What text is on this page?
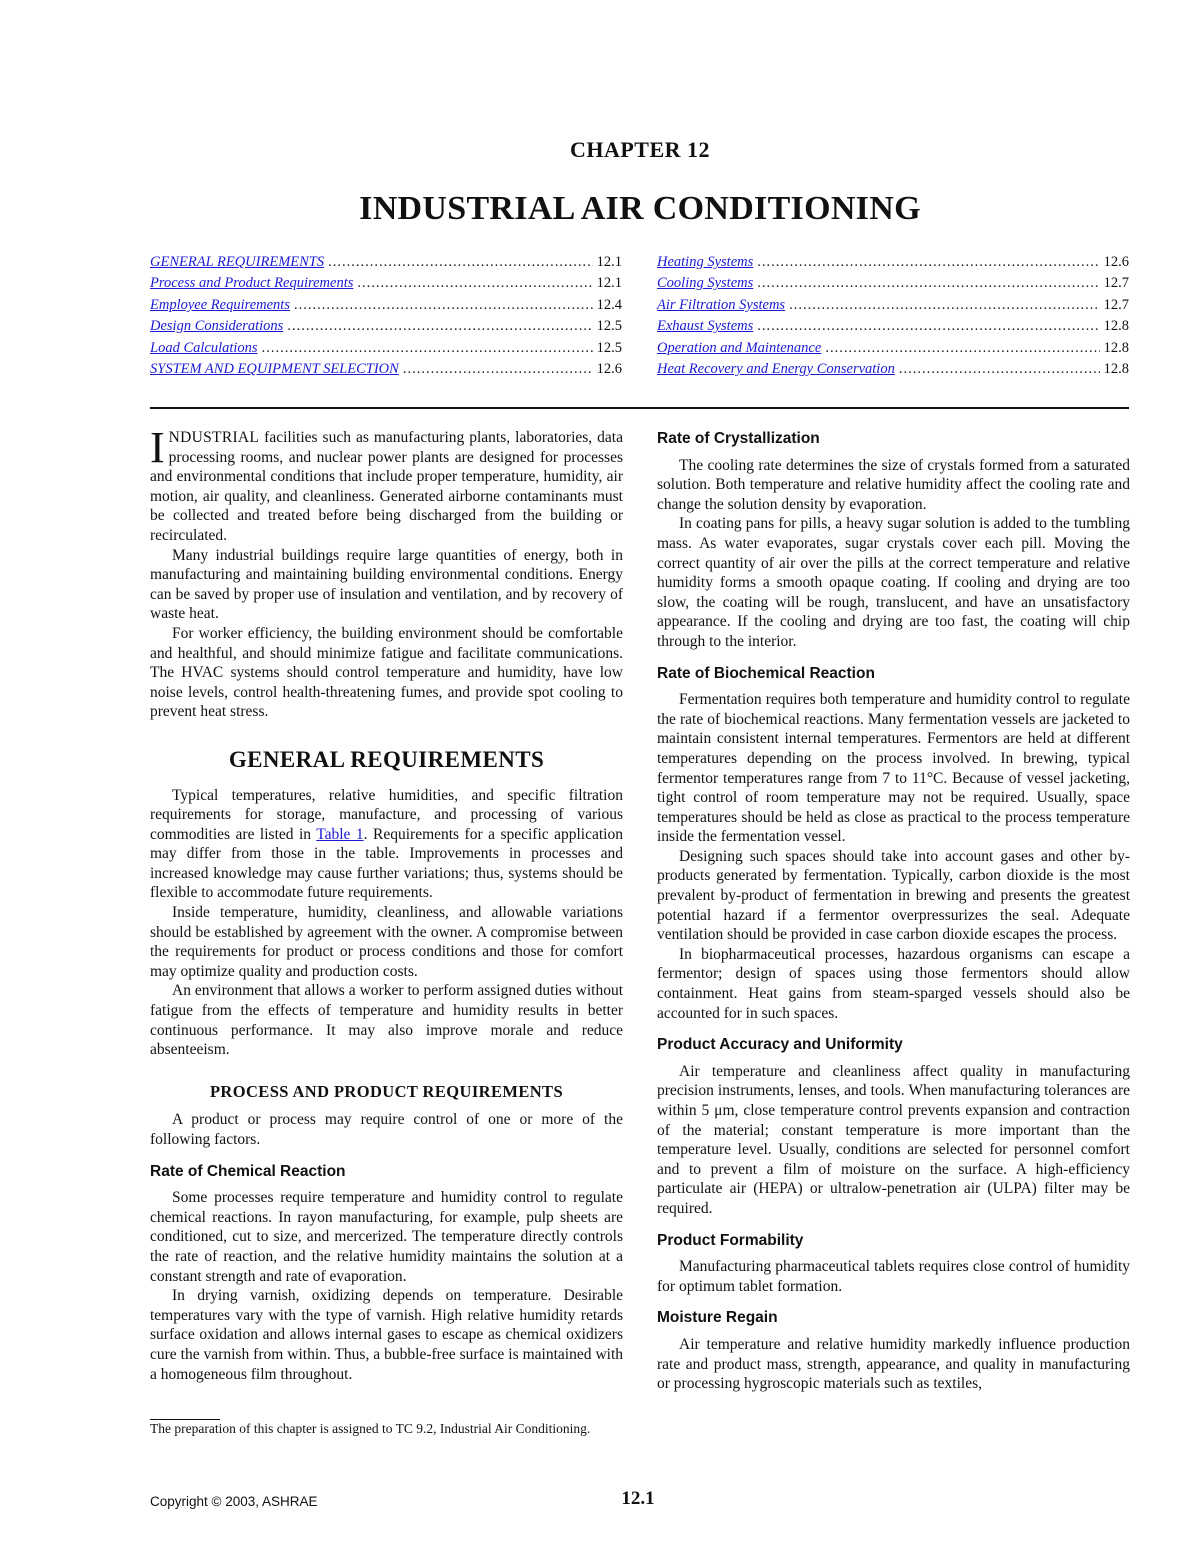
CHAPTER 12
INDUSTRIAL AIR CONDITIONING
GENERAL REQUIREMENTS .....	12.1
Process and Product Requirements .....	12.1
Employee Requirements .....	12.4
Design Considerations .....	12.5
Load Calculations .....	12.5
SYSTEM AND EQUIPMENT SELECTION .....	12.6
Heating Systems .....	12.6
Cooling Systems .....	12.7
Air Filtration Systems .....	12.7
Exhaust Systems .....	12.8
Operation and Maintenance .....	12.8
Heat Recovery and Energy Conservation .....	12.8

INDUSTRIAL facilities such as manufacturing plants, laboratories, data processing rooms, and nuclear power plants are designed for processes and environmental conditions that include proper temperature, humidity, air motion, air quality, and cleanliness. Generated airborne contaminants must be collected and treated before being discharged from the building or recirculated.

Many industrial buildings require large quantities of energy, both in manufacturing and maintaining building environmental conditions. Energy can be saved by proper use of insulation and ventilation, and by recovery of waste heat.

For worker efficiency, the building environment should be comfortable and healthful, and should minimize fatigue and facilitate communications. The HVAC systems should control temperature and humidity, have low noise levels, control health-threatening fumes, and provide spot cooling to prevent heat stress.

GENERAL REQUIREMENTS

Typical temperatures, relative humidities, and specific filtration requirements for storage, manufacture, and processing of various commodities are listed in Table 1. Requirements for a specific application may differ from those in the table. Improvements in processes and increased knowledge may cause further variations; thus, systems should be flexible to accommodate future requirements.

Inside temperature, humidity, cleanliness, and allowable variations should be established by agreement with the owner. A compromise between the requirements for product or process conditions and those for comfort may optimize quality and production costs.

An environment that allows a worker to perform assigned duties without fatigue from the effects of temperature and humidity results in better continuous performance. It may also improve morale and reduce absenteeism.

PROCESS AND PRODUCT REQUIREMENTS

A product or process may require control of one or more of the following factors.

Rate of Chemical Reaction

Some processes require temperature and humidity control to regulate chemical reactions. In rayon manufacturing, for example, pulp sheets are conditioned, cut to size, and mercerized. The temperature directly controls the rate of reaction, and the relative humidity maintains the solution at a constant strength and rate of evaporation.

In drying varnish, oxidizing depends on temperature. Desirable temperatures vary with the type of varnish. High relative humidity retards surface oxidation and allows internal gases to escape as chemical oxidizers cure the varnish from within. Thus, a bubble-free surface is maintained with a homogeneous film throughout.

Rate of Crystallization

The cooling rate determines the size of crystals formed from a saturated solution. Both temperature and relative humidity affect the cooling rate and change the solution density by evaporation.

In coating pans for pills, a heavy sugar solution is added to the tumbling mass. As water evaporates, sugar crystals cover each pill. Moving the correct quantity of air over the pills at the correct temperature and relative humidity forms a smooth opaque coating. If cooling and drying are too slow, the coating will be rough, translucent, and have an unsatisfactory appearance. If the cooling and drying are too fast, the coating will chip through to the interior.

Rate of Biochemical Reaction

Fermentation requires both temperature and humidity control to regulate the rate of biochemical reactions. Many fermentation vessels are jacketed to maintain consistent internal temperatures. Fermentors are held at different temperatures depending on the process involved. In brewing, typical fermentor temperatures range from 7 to 11°C. Because of vessel jacketing, tight control of room temperature may not be required. Usually, space temperatures should be held as close as practical to the process temperature inside the fermentation vessel.

Designing such spaces should take into account gases and other by-products generated by fermentation. Typically, carbon dioxide is the most prevalent by-product of fermentation in brewing and presents the greatest potential hazard if a fermentor overpressurizes the seal. Adequate ventilation should be provided in case carbon dioxide escapes the process.

In biopharmaceutical processes, hazardous organisms can escape a fermentor; design of spaces using those fermentors should allow containment. Heat gains from steam-sparged vessels should also be accounted for in such spaces.

Product Accuracy and Uniformity

Air temperature and cleanliness affect quality in manufacturing precision instruments, lenses, and tools. When manufacturing tolerances are within 5 μm, close temperature control prevents expansion and contraction of the material; constant temperature is more important than the temperature level. Usually, conditions are selected for personnel comfort and to prevent a film of moisture on the surface. A high-efficiency particulate air (HEPA) or ultralow-penetration air (ULPA) filter may be required.

Product Formability

Manufacturing pharmaceutical tablets requires close control of humidity for optimum tablet formation.

Moisture Regain

Air temperature and relative humidity markedly influence production rate and product mass, strength, appearance, and quality in manufacturing or processing hygroscopic materials such as textiles,

The preparation of this chapter is assigned to TC 9.2, Industrial Air Conditioning.
Copyright © 2003, ASHRAE	12.1
